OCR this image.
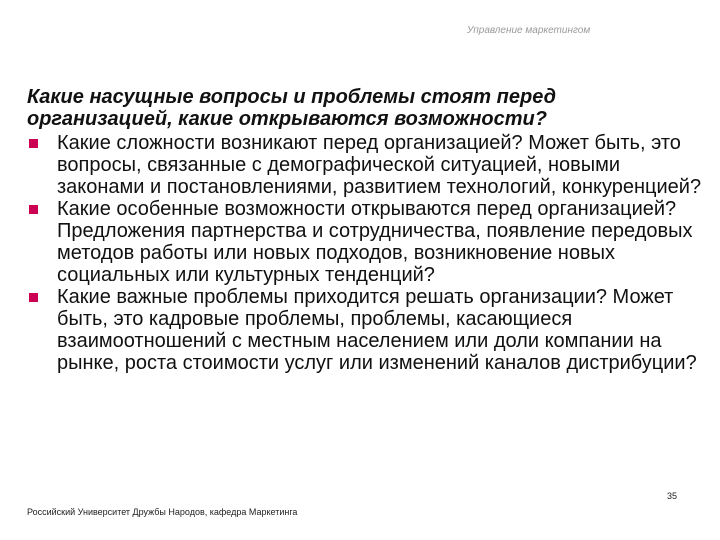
Управление маркетингом
Какие насущные вопросы и проблемы стоят перед организацией, какие открываются возможности?
Какие сложности возникают перед организацией? Может быть, это вопросы, связанные с демографической ситуацией, новыми законами и постановлениями, развитием технологий, конкуренцией?
Какие особенные возможности открываются перед организацией? Предложения партнерства и сотрудничества, появление передовых методов работы или новых подходов, возникновение новых социальных или культурных тенденций?
Какие важные проблемы приходится решать организации? Может быть, это кадровые проблемы, проблемы, касающиеся взаимоотношений с местным населением или доли компании на рынке, роста стоимости услуг или изменений каналов дистрибуции?
35
Российский Университет Дружбы Народов, кафедра Маркетинга
